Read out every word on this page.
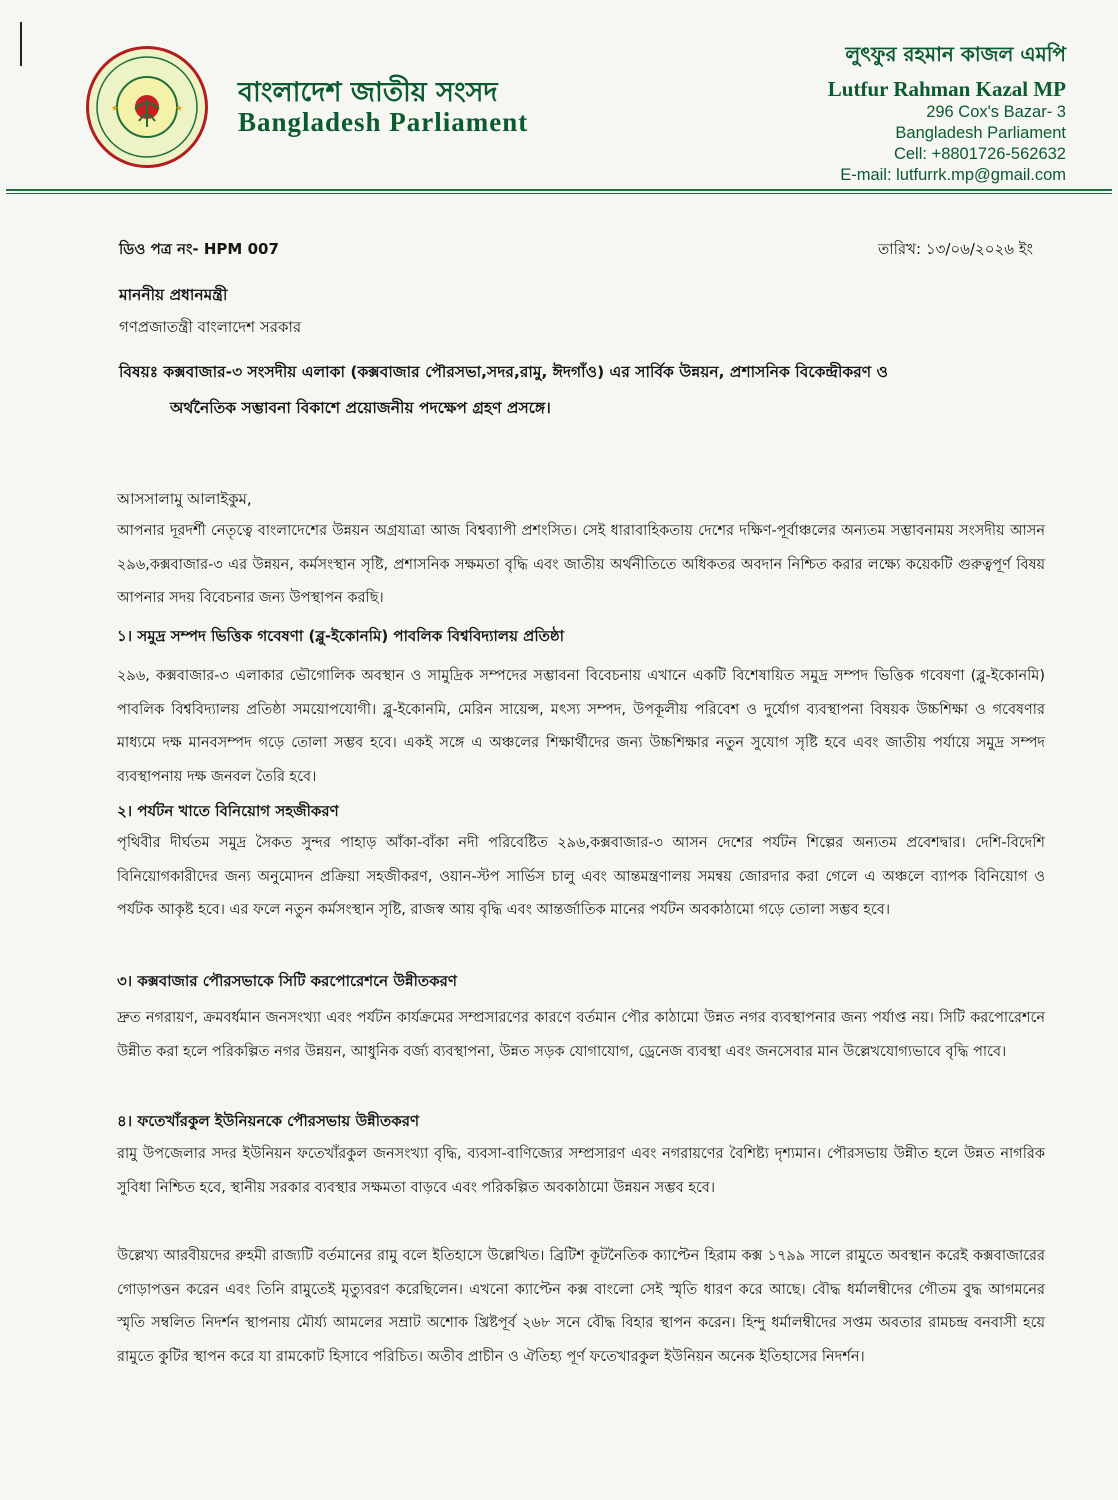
★	★
বাংলাদেশ জাতীয় সংসদ
Bangladesh Parliament
লুৎফুর রহমান কাজল এমপি
Lutfur Rahman Kazal MP
296 Cox's Bazar- 3
Bangladesh Parliament
Cell: +8801726-562632
E-mail: lutfurrk.mp@gmail.com
ডিও পত্র নং- HPM 007	তারিখ: ১৩/০৬/২০২৬ ইং
মাননীয় প্রধানমন্ত্রী
গণপ্রজাতন্ত্রী বাংলাদেশ সরকার
বিষয়ঃ কক্সবাজার-৩ সংসদীয় এলাকা (কক্সবাজার পৌরসভা,সদর,রামু, ঈদগাঁও) এর সার্বিক উন্নয়ন, প্রশাসনিক বিকেন্দ্রীকরণ ও
অর্থনৈতিক সম্ভাবনা বিকাশে প্রয়োজনীয় পদক্ষেপ গ্রহণ প্রসঙ্গে।
আসসালামু আলাইকুম,

আপনার দূরদর্শী নেতৃত্বে বাংলাদেশের উন্নয়ন অগ্রযাত্রা আজ বিশ্বব্যাপী প্রশংসিত। সেই ধারাবাহিকতায় দেশের দক্ষিণ-পূর্বাঞ্চলের অন্যতম সম্ভাবনাময় সংসদীয় আসন ২৯৬,কক্সবাজার-৩ এর উন্নয়ন, কর্মসংস্থান সৃষ্টি, প্রশাসনিক সক্ষমতা বৃদ্ধি এবং জাতীয় অর্থনীতিতে অধিকতর অবদান নিশ্চিত করার লক্ষ্যে কয়েকটি গুরুত্বপূর্ণ বিষয় আপনার সদয় বিবেচনার জন্য উপস্থাপন করছি।

১। সমুদ্র সম্পদ ভিত্তিক গবেষণা (ব্লু-ইকোনমি) পাবলিক বিশ্ববিদ্যালয় প্রতিষ্ঠা

২৯৬, কক্সবাজার-৩ এলাকার ভৌগোলিক অবস্থান ও সামুদ্রিক সম্পদের সম্ভাবনা বিবেচনায় এখানে একটি বিশেষায়িত সমুদ্র সম্পদ ভিত্তিক গবেষণা (ব্লু-ইকোনমি) পাবলিক বিশ্ববিদ্যালয় প্রতিষ্ঠা সময়োপযোগী। ব্লু-ইকোনমি, মেরিন সায়েন্স, মৎস্য সম্পদ, উপকূলীয় পরিবেশ ও দুর্যোগ ব্যবস্থাপনা বিষয়ক উচ্চশিক্ষা ও গবেষণার মাধ্যমে দক্ষ মানবসম্পদ গড়ে তোলা সম্ভব হবে। একই সঙ্গে এ অঞ্চলের শিক্ষার্থীদের জন্য উচ্চশিক্ষার নতুন সুযোগ সৃষ্টি হবে এবং জাতীয় পর্যায়ে সমুদ্র সম্পদ ব্যবস্থাপনায় দক্ষ জনবল তৈরি হবে।

২। পর্যটন খাতে বিনিয়োগ সহজীকরণ

পৃথিবীর দীর্ঘতম সমুদ্র সৈকত সুন্দর পাহাড় আঁকা-বাঁকা নদী পরিবেষ্টিত ২৯৬,কক্সবাজার-৩ আসন দেশের পর্যটন শিল্পের অন্যতম প্রবেশদ্বার। দেশি-বিদেশি বিনিয়োগকারীদের জন্য অনুমোদন প্রক্রিয়া সহজীকরণ, ওয়ান-স্টপ সার্ভিস চালু এবং আন্তমন্ত্রণালয় সমন্বয় জোরদার করা গেলে এ অঞ্চলে ব্যাপক বিনিয়োগ ও পর্যটক আকৃষ্ট হবে। এর ফলে নতুন কর্মসংস্থান সৃষ্টি, রাজস্ব আয় বৃদ্ধি এবং আন্তর্জাতিক মানের পর্যটন অবকাঠামো গড়ে তোলা সম্ভব হবে।

৩। কক্সবাজার পৌরসভাকে সিটি করপোরেশনে উন্নীতকরণ

দ্রুত নগরায়ণ, ক্রমবর্ধমান জনসংখ্যা এবং পর্যটন কার্যক্রমের সম্প্রসারণের কারণে বর্তমান পৌর কাঠামো উন্নত নগর ব্যবস্থাপনার জন্য পর্যাপ্ত নয়। সিটি করপোরেশনে উন্নীত করা হলে পরিকল্পিত নগর উন্নয়ন, আধুনিক বর্জ্য ব্যবস্থাপনা, উন্নত সড়ক যোগাযোগ, ড্রেনেজ ব্যবস্থা এবং জনসেবার মান উল্লেখযোগ্যভাবে বৃদ্ধি পাবে।

৪। ফতেখাঁরকুল ইউনিয়নকে পৌরসভায় উন্নীতকরণ

রামু উপজেলার সদর ইউনিয়ন ফতেখাঁরকুল জনসংখ্যা বৃদ্ধি, ব্যবসা-বাণিজ্যের সম্প্রসারণ এবং নগরায়ণের বৈশিষ্ট্য দৃশ্যমান। পৌরসভায় উন্নীত হলে উন্নত নাগরিক সুবিধা নিশ্চিত হবে, স্থানীয় সরকার ব্যবস্থার সক্ষমতা বাড়বে এবং পরিকল্পিত অবকাঠামো উন্নয়ন সম্ভব হবে।

উল্লেখ্য আরবীয়দের রুহমী রাজ্যটি বর্তমানের রামু বলে ইতিহাসে উল্লেখিত। ব্রিটিশ কূটনৈতিক ক্যাপ্টেন হিরাম কক্স ১৭৯৯ সালে রামুতে অবস্থান করেই কক্সবাজারের গোড়াপত্তন করেন এবং তিনি রামুতেই মৃত্যুবরণ করেছিলেন। এখনো ক্যাপ্টেন কক্স বাংলো সেই স্মৃতি ধারণ করে আছে। বৌদ্ধ ধর্মালম্বীদের গৌতম বুদ্ধ আগমনের স্মৃতি সম্বলিত নিদর্শন স্থাপনায় মৌর্য্য আমলের সম্রাট অশোক খ্রিষ্টপূর্ব ২৬৮ সনে বৌদ্ধ বিহার স্থাপন করেন। হিন্দু ধর্মালম্বীদের সপ্তম অবতার রামচন্দ্র বনবাসী হয়ে রামুতে কুটির স্থাপন করে যা রামকোট হিসাবে পরিচিত। অতীব প্রাচীন ও ঐতিহ্য পূর্ণ ফতেখারকুল ইউনিয়ন অনেক ইতিহাসের নিদর্শন।
